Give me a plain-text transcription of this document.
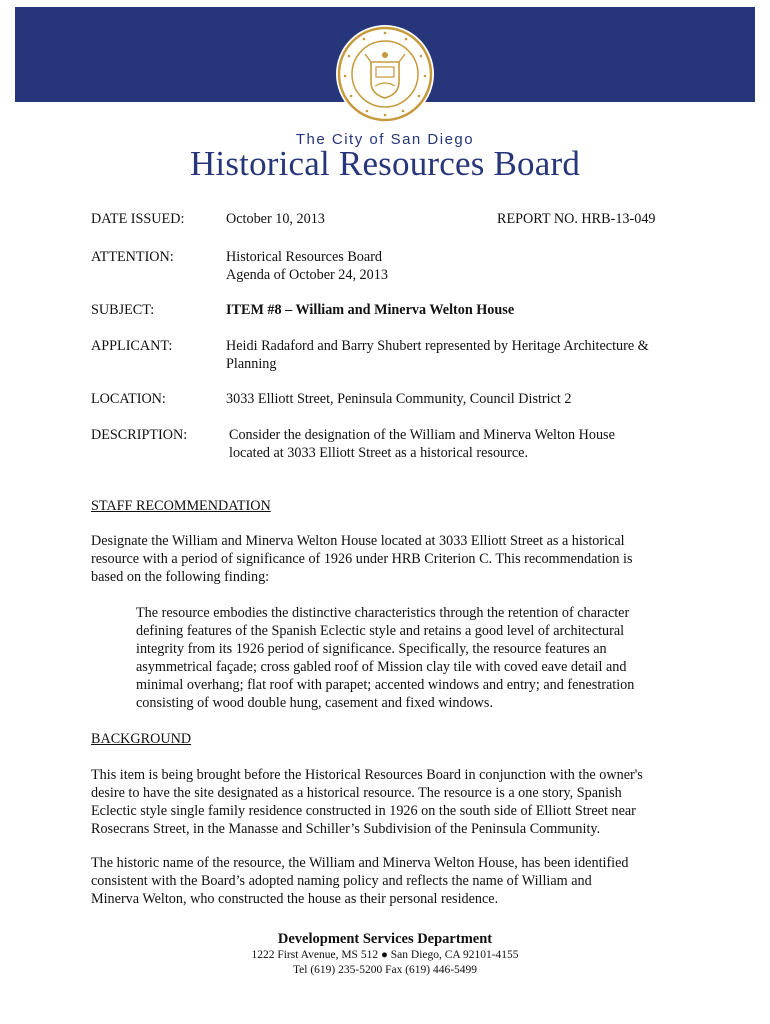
The City of San Diego
Historical Resources Board
DATE ISSUED:	October 10, 2013	REPORT NO. HRB-13-049
ATTENTION:	Historical Resources Board
Agenda of October 24, 2013
SUBJECT:	ITEM #8 – William and Minerva Welton House
APPLICANT:	Heidi Radaford and Barry Shubert represented by Heritage Architecture &
Planning
LOCATION:	3033 Elliott Street, Peninsula Community, Council District 2
DESCRIPTION:	Consider the designation of the William and Minerva Welton House
located at 3033 Elliott Street as a historical resource.
STAFF RECOMMENDATION
Designate the William and Minerva Welton House located at 3033 Elliott Street as a historical
resource with a period of significance of 1926 under HRB Criterion C. This recommendation is
based on the following finding:
The resource embodies the distinctive characteristics through the retention of character
defining features of the Spanish Eclectic style and retains a good level of architectural
integrity from its 1926 period of significance. Specifically, the resource features an
asymmetrical façade; cross gabled roof of Mission clay tile with coved eave detail and
minimal overhang; flat roof with parapet; accented windows and entry; and fenestration
consisting of wood double hung, casement and fixed windows.
BACKGROUND
This item is being brought before the Historical Resources Board in conjunction with the owner's
desire to have the site designated as a historical resource. The resource is a one story, Spanish
Eclectic style single family residence constructed in 1926 on the south side of Elliott Street near
Rosecrans Street, in the Manasse and Schiller’s Subdivision of the Peninsula Community.
The historic name of the resource, the William and Minerva Welton House, has been identified
consistent with the Board’s adopted naming policy and reflects the name of William and
Minerva Welton, who constructed the house as their personal residence.
Development Services Department
1222 First Avenue, MS 512 ● San Diego, CA 92101-4155
Tel (619) 235-5200 Fax (619) 446-5499
